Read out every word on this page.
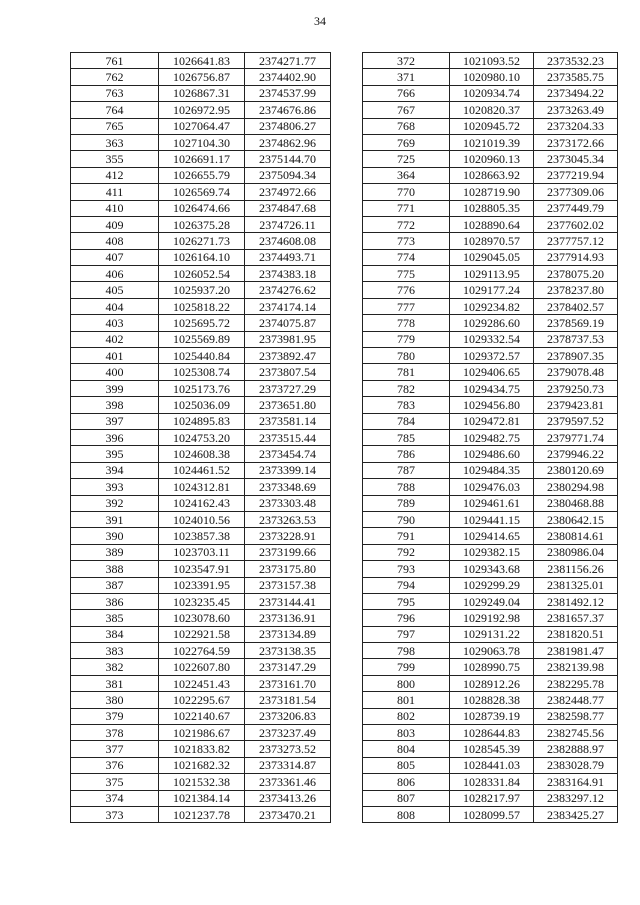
34
761	1026641.83	2374271.77
762	1026756.87	2374402.90
763	1026867.31	2374537.99
764	1026972.95	2374676.86
765	1027064.47	2374806.27
363	1027104.30	2374862.96
355	1026691.17	2375144.70
412	1026655.79	2375094.34
411	1026569.74	2374972.66
410	1026474.66	2374847.68
409	1026375.28	2374726.11
408	1026271.73	2374608.08
407	1026164.10	2374493.71
406	1026052.54	2374383.18
405	1025937.20	2374276.62
404	1025818.22	2374174.14
403	1025695.72	2374075.87
402	1025569.89	2373981.95
401	1025440.84	2373892.47
400	1025308.74	2373807.54
399	1025173.76	2373727.29
398	1025036.09	2373651.80
397	1024895.83	2373581.14
396	1024753.20	2373515.44
395	1024608.38	2373454.74
394	1024461.52	2373399.14
393	1024312.81	2373348.69
392	1024162.43	2373303.48
391	1024010.56	2373263.53
390	1023857.38	2373228.91
389	1023703.11	2373199.66
388	1023547.91	2373175.80
387	1023391.95	2373157.38
386	1023235.45	2373144.41
385	1023078.60	2373136.91
384	1022921.58	2373134.89
383	1022764.59	2373138.35
382	1022607.80	2373147.29
381	1022451.43	2373161.70
380	1022295.67	2373181.54
379	1022140.67	2373206.83
378	1021986.67	2373237.49
377	1021833.82	2373273.52
376	1021682.32	2373314.87
375	1021532.38	2373361.46
374	1021384.14	2373413.26
373	1021237.78	2373470.21
372	1021093.52	2373532.23
371	1020980.10	2373585.75
766	1020934.74	2373494.22
767	1020820.37	2373263.49
768	1020945.72	2373204.33
769	1021019.39	2373172.66
725	1020960.13	2373045.34
364	1028663.92	2377219.94
770	1028719.90	2377309.06
771	1028805.35	2377449.79
772	1028890.64	2377602.02
773	1028970.57	2377757.12
774	1029045.05	2377914.93
775	1029113.95	2378075.20
776	1029177.24	2378237.80
777	1029234.82	2378402.57
778	1029286.60	2378569.19
779	1029332.54	2378737.53
780	1029372.57	2378907.35
781	1029406.65	2379078.48
782	1029434.75	2379250.73
783	1029456.80	2379423.81
784	1029472.81	2379597.52
785	1029482.75	2379771.74
786	1029486.60	2379946.22
787	1029484.35	2380120.69
788	1029476.03	2380294.98
789	1029461.61	2380468.88
790	1029441.15	2380642.15
791	1029414.65	2380814.61
792	1029382.15	2380986.04
793	1029343.68	2381156.26
794	1029299.29	2381325.01
795	1029249.04	2381492.12
796	1029192.98	2381657.37
797	1029131.22	2381820.51
798	1029063.78	2381981.47
799	1028990.75	2382139.98
800	1028912.26	2382295.78
801	1028828.38	2382448.77
802	1028739.19	2382598.77
803	1028644.83	2382745.56
804	1028545.39	2382888.97
805	1028441.03	2383028.79
806	1028331.84	2383164.91
807	1028217.97	2383297.12
808	1028099.57	2383425.27
